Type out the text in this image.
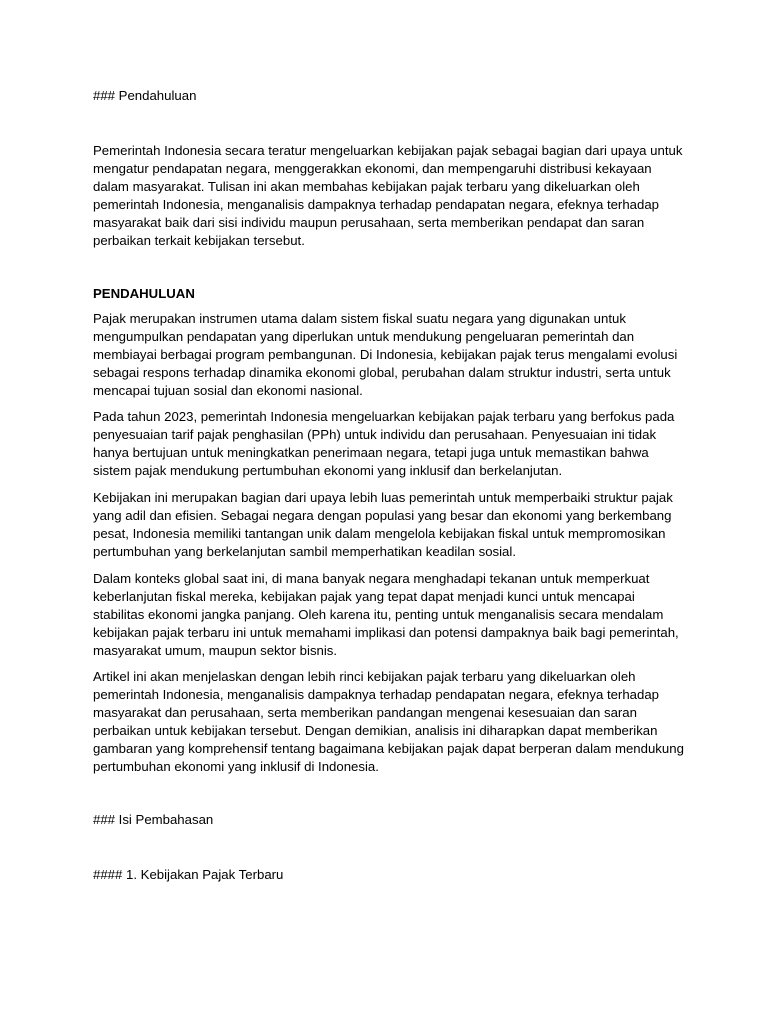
### Pendahuluan
Pemerintah Indonesia secara teratur mengeluarkan kebijakan pajak sebagai bagian dari upaya untuk
mengatur pendapatan negara, menggerakkan ekonomi, dan mempengaruhi distribusi kekayaan
dalam masyarakat. Tulisan ini akan membahas kebijakan pajak terbaru yang dikeluarkan oleh
pemerintah Indonesia, menganalisis dampaknya terhadap pendapatan negara, efeknya terhadap
masyarakat baik dari sisi individu maupun perusahaan, serta memberikan pendapat dan saran
perbaikan terkait kebijakan tersebut.
PENDAHULUAN
Pajak merupakan instrumen utama dalam sistem fiskal suatu negara yang digunakan untuk
mengumpulkan pendapatan yang diperlukan untuk mendukung pengeluaran pemerintah dan
membiayai berbagai program pembangunan. Di Indonesia, kebijakan pajak terus mengalami evolusi
sebagai respons terhadap dinamika ekonomi global, perubahan dalam struktur industri, serta untuk
mencapai tujuan sosial dan ekonomi nasional.
Pada tahun 2023, pemerintah Indonesia mengeluarkan kebijakan pajak terbaru yang berfokus pada
penyesuaian tarif pajak penghasilan (PPh) untuk individu dan perusahaan. Penyesuaian ini tidak
hanya bertujuan untuk meningkatkan penerimaan negara, tetapi juga untuk memastikan bahwa
sistem pajak mendukung pertumbuhan ekonomi yang inklusif dan berkelanjutan.
Kebijakan ini merupakan bagian dari upaya lebih luas pemerintah untuk memperbaiki struktur pajak
yang adil dan efisien. Sebagai negara dengan populasi yang besar dan ekonomi yang berkembang
pesat, Indonesia memiliki tantangan unik dalam mengelola kebijakan fiskal untuk mempromosikan
pertumbuhan yang berkelanjutan sambil memperhatikan keadilan sosial.
Dalam konteks global saat ini, di mana banyak negara menghadapi tekanan untuk memperkuat
keberlanjutan fiskal mereka, kebijakan pajak yang tepat dapat menjadi kunci untuk mencapai
stabilitas ekonomi jangka panjang. Oleh karena itu, penting untuk menganalisis secara mendalam
kebijakan pajak terbaru ini untuk memahami implikasi dan potensi dampaknya baik bagi pemerintah,
masyarakat umum, maupun sektor bisnis.
Artikel ini akan menjelaskan dengan lebih rinci kebijakan pajak terbaru yang dikeluarkan oleh
pemerintah Indonesia, menganalisis dampaknya terhadap pendapatan negara, efeknya terhadap
masyarakat dan perusahaan, serta memberikan pandangan mengenai kesesuaian dan saran
perbaikan untuk kebijakan tersebut. Dengan demikian, analisis ini diharapkan dapat memberikan
gambaran yang komprehensif tentang bagaimana kebijakan pajak dapat berperan dalam mendukung
pertumbuhan ekonomi yang inklusif di Indonesia.
### Isi Pembahasan
#### 1. Kebijakan Pajak Terbaru
